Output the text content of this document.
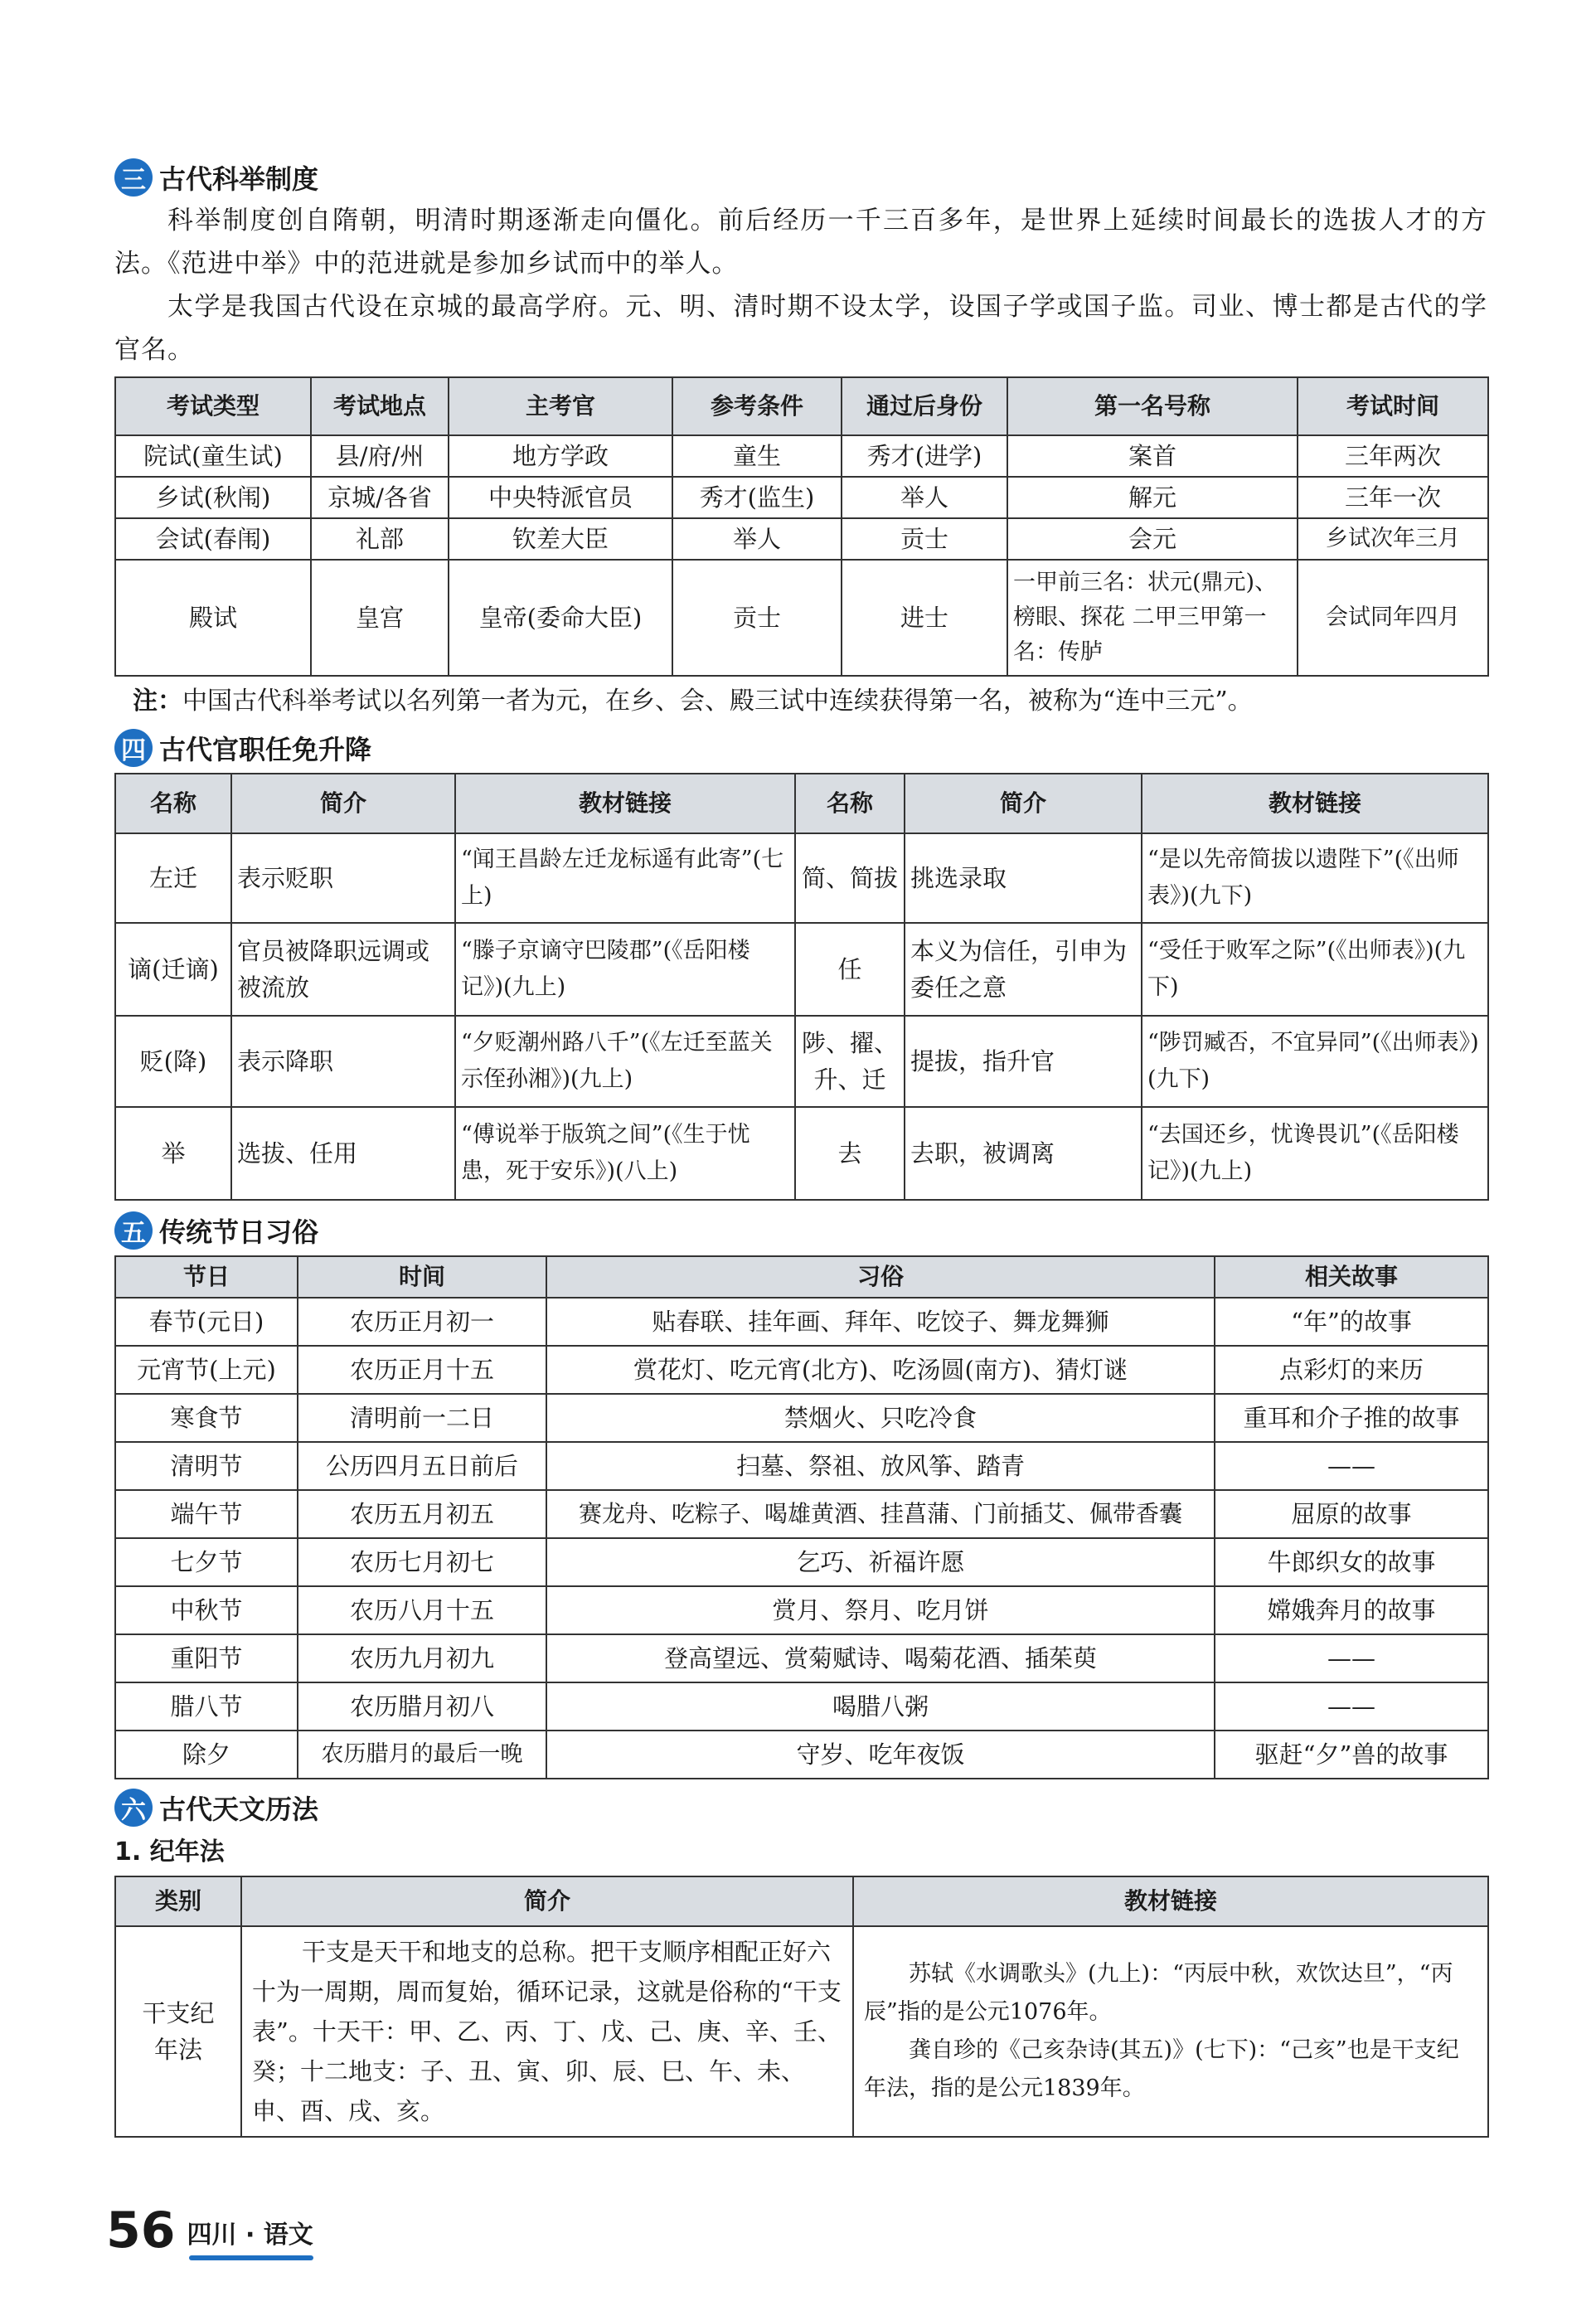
三 古代科举制度

科举制度创自隋朝，明清时期逐渐走向僵化。前后经历一千三百多年，是世界上延续时间最长的选拔人才的方法。《范进中举》中的范进就是参加乡试而中的举人。

太学是我国古代设在京城的最高学府。元、明、清时期不设太学，设国子学或国子监。司业、博士都是古代的学官名。

考试类型	考试地点	主考官	参考条件	通过后身份	第一名号称	考试时间
院试(童生试)	县/府/州	地方学政	童生	秀才(进学)	案首	三年两次
乡试(秋闱)	京城/各省	中央特派官员	秀才(监生)	举人	解元	三年一次
会试(春闱)	礼部	钦差大臣	举人	贡士	会元	乡试次年三月
殿试	皇宫	皇帝(委命大臣)	贡士	进士	一甲前三名：状元(鼎元)、榜眼、探花 二甲三甲第一名：传胪	会试同年四月
注：中国古代科举考试以名列第一者为元，在乡、会、殿三试中连续获得第一名，被称为“连中三元”。
四 古代官职任免升降
名称	简介	教材链接	名称	简介	教材链接
左迁	表示贬职	“闻王昌龄左迁龙标遥有此寄”(七上)	简、简拔	挑选录取	“是以先帝简拔以遗陛下”(《出师表》)(九下)
谪(迁谪)	官员被降职远调或被流放	“滕子京谪守巴陵郡”(《岳阳楼记》)(九上)	任	本义为信任，引申为委任之意	“受任于败军之际”(《出师表》)(九下)
贬(降)	表示降职	“夕贬潮州路八千”(《左迁至蓝关示侄孙湘》)(九上)	陟、擢、升、迁	提拔，指升官	“陟罚臧否，不宜异同”(《出师表》)(九下)
举	选拔、任用	“傅说举于版筑之间”(《生于忧患，死于安乐》)(八上)	去	去职，被调离	“去国还乡，忧谗畏讥”(《岳阳楼记》)(九上)
五 传统节日习俗
节日	时间	习俗	相关故事
春节(元日)	农历正月初一	贴春联、挂年画、拜年、吃饺子、舞龙舞狮	“年”的故事
元宵节(上元)	农历正月十五	赏花灯、吃元宵(北方)、吃汤圆(南方)、猜灯谜	点彩灯的来历
寒食节	清明前一二日	禁烟火、只吃冷食	重耳和介子推的故事
清明节	公历四月五日前后	扫墓、祭祖、放风筝、踏青	——
端午节	农历五月初五	赛龙舟、吃粽子、喝雄黄酒、挂菖蒲、门前插艾、佩带香囊	屈原的故事
七夕节	农历七月初七	乞巧、祈福许愿	牛郎织女的故事
中秋节	农历八月十五	赏月、祭月、吃月饼	嫦娥奔月的故事
重阳节	农历九月初九	登高望远、赏菊赋诗、喝菊花酒、插茱萸	——
腊八节	农历腊月初八	喝腊八粥	——
除夕	农历腊月的最后一晚	守岁、吃年夜饭	驱赶“夕”兽的故事
六 古代天文历法
1. 纪年法
类别	简介	教材链接
干支纪年法	干支是天干和地支的总称。把干支顺序相配正好六十为一周期，周而复始，循环记录，这就是俗称的“干支表”。十天干：甲、乙、丙、丁、戊、己、庚、辛、壬、癸；十二地支：子、丑、寅、卯、辰、巳、午、未、申、酉、戌、亥。	苏轼《水调歌头》(九上)：“丙辰中秋，欢饮达旦”，“丙辰”指的是公元1076年。
龚自珍的《己亥杂诗(其五)》(七下)：“己亥”也是干支纪年法，指的是公元1839年。
56 四川 · 语文
